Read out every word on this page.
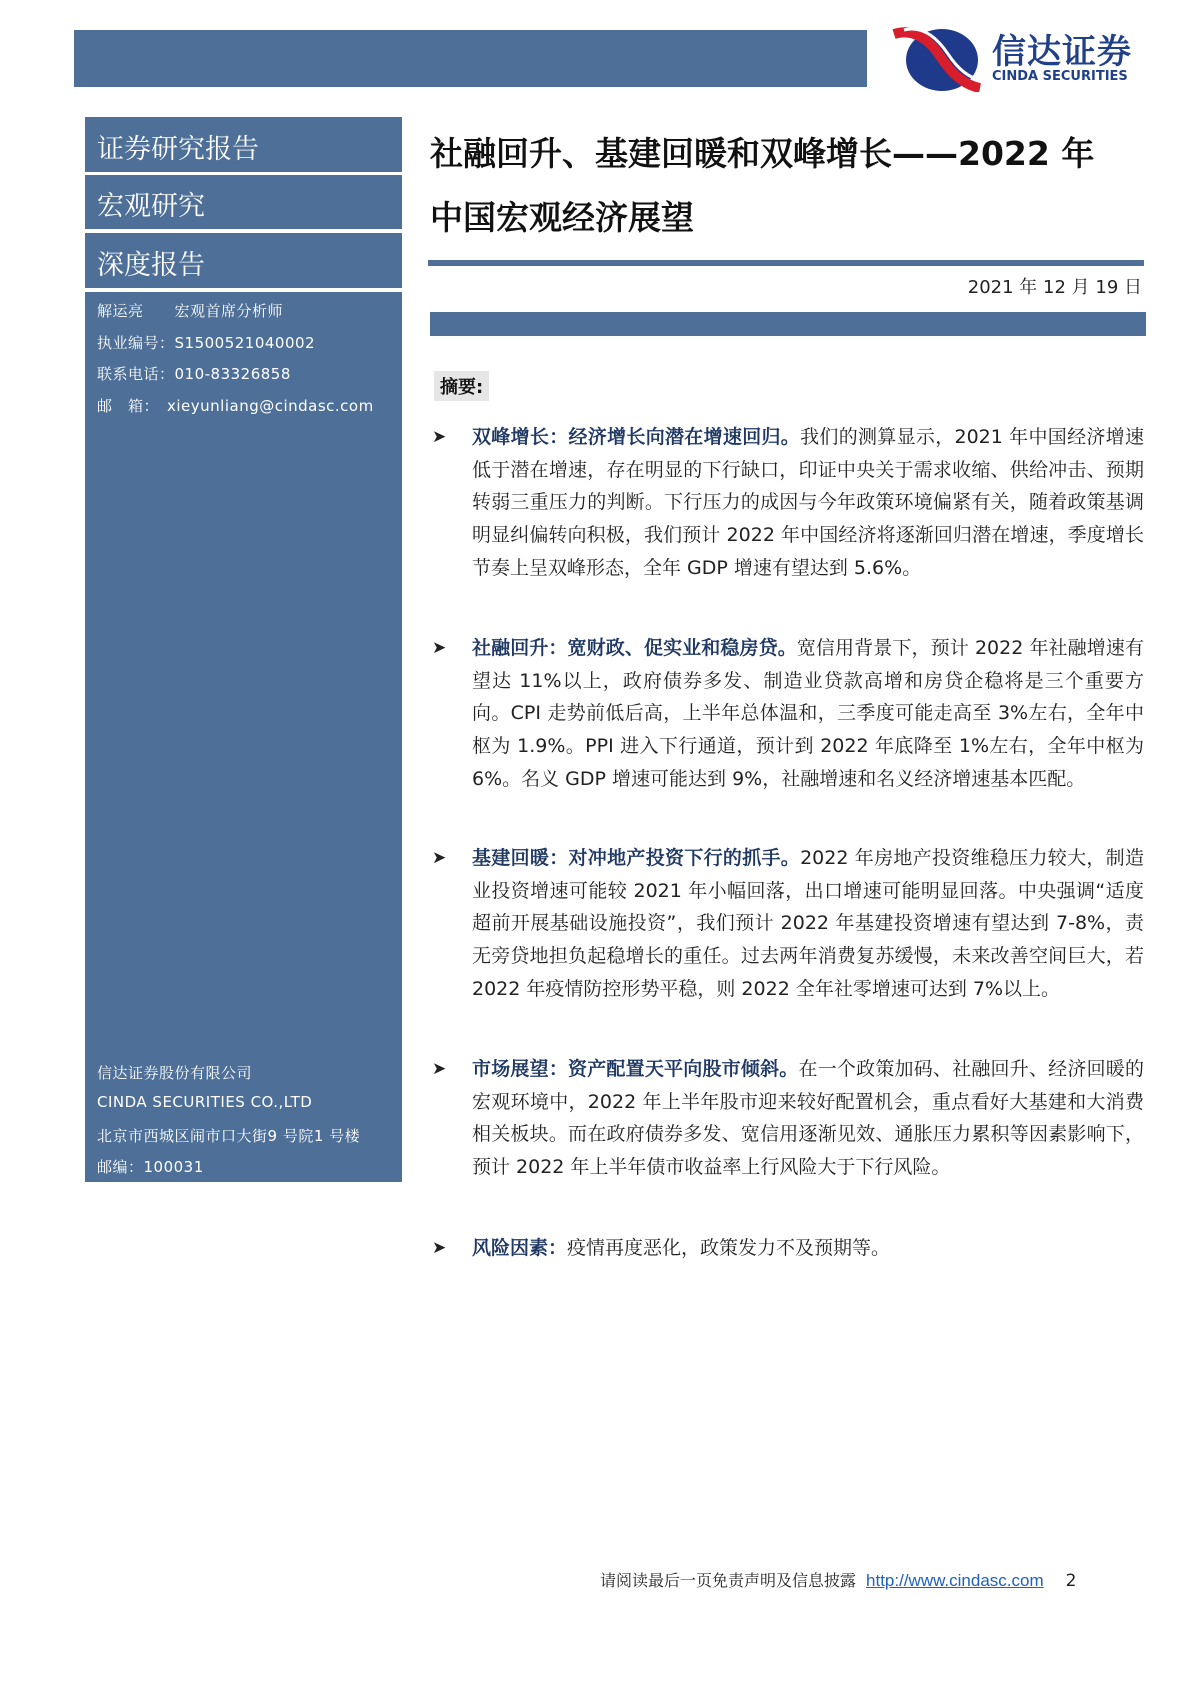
信达证券
CINDA SECURITIES
证券研究报告
宏观研究
深度报告
解运亮　　宏观首席分析师
执业编号：S1500521040002
联系电话：010-83326858
邮　箱：　xieyunliang@cindasc.com
信达证券股份有限公司
CINDA SECURITIES CO.,LTD
北京市西城区闹市口大街9 号院1 号楼
邮编：100031
社融回升、基建回暖和双峰增长——2022 年
中国宏观经济展望
2021 年 12 月 19 日
摘要:
➤ 双峰增长：经济增长向潜在增速回归。我们的测算显示，2021 年中国经济增速低于潜在增速，存在明显的下行缺口，印证中央关于需求收缩、供给冲击、预期转弱三重压力的判断。下行压力的成因与今年政策环境偏紧有关，随着政策基调明显纠偏转向积极，我们预计 2022 年中国经济将逐渐回归潜在增速，季度增长节奏上呈双峰形态，全年 GDP 增速有望达到 5.6%。
➤ 社融回升：宽财政、促实业和稳房贷。宽信用背景下，预计 2022 年社融增速有望达 11%以上，政府债券多发、制造业贷款高增和房贷企稳将是三个重要方向。CPI 走势前低后高，上半年总体温和，三季度可能走高至 3%左右，全年中枢为 1.9%。PPI 进入下行通道，预计到 2022 年底降至 1%左右，全年中枢为 6%。名义 GDP 增速可能达到 9%，社融增速和名义经济增速基本匹配。
➤ 基建回暖：对冲地产投资下行的抓手。2022 年房地产投资维稳压力较大，制造业投资增速可能较 2021 年小幅回落，出口增速可能明显回落。中央强调“适度超前开展基础设施投资”，我们预计 2022 年基建投资增速有望达到 7-8%，责无旁贷地担负起稳增长的重任。过去两年消费复苏缓慢，未来改善空间巨大，若 2022 年疫情防控形势平稳，则 2022 全年社零增速可达到 7%以上。
➤ 市场展望：资产配置天平向股市倾斜。在一个政策加码、社融回升、经济回暖的宏观环境中，2022 年上半年股市迎来较好配置机会，重点看好大基建和大消费相关板块。而在政府债券多发、宽信用逐渐见效、通胀压力累积等因素影响下，预计 2022 年上半年债市收益率上行风险大于下行风险。
➤ 风险因素：疫情再度恶化，政策发力不及预期等。
请阅读最后一页免责声明及信息披露 http://www.cindasc.com 2
